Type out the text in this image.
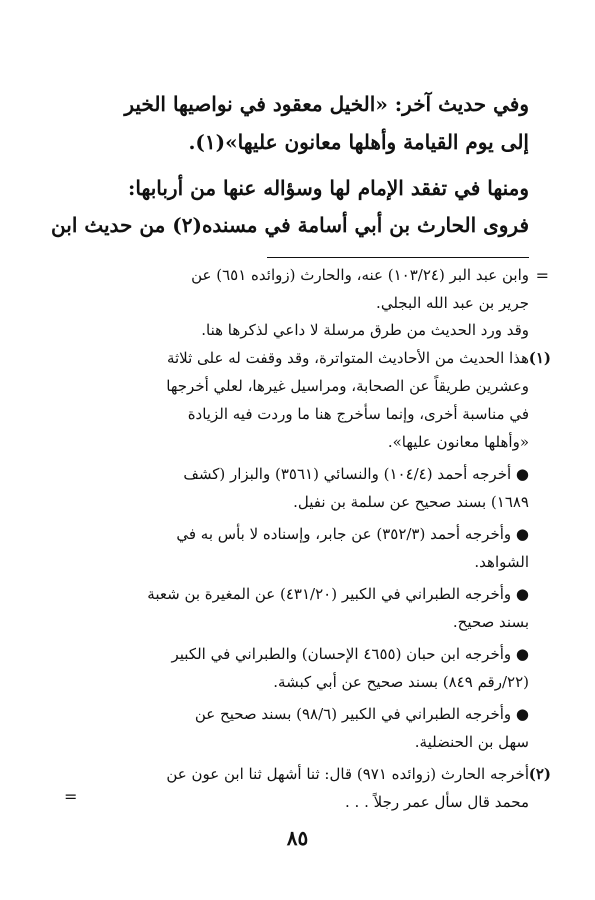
وفي حديث آخر: «الخيل معقود في نواصيها الخير
إلى يوم القيامة وأهلها معانون عليها»(١).
ومنها في تفقد الإمام لها وسؤاله عنها من أربابها:
فروى الحارث بن أبي أسامة في مسنده(٢) من حديث ابن
=
وابن عبد البر (١٠٣/٢٤) عنه، والحارث (زوائده ٦٥١) عن
جرير بن عبد الله البجلي.
وقد ورد الحديث من طرق مرسلة لا داعي لذكرها هنا.
(١)
هذا الحديث من الأحاديث المتواترة، وقد وقفت له على ثلاثة
وعشرين طريقاً عن الصحابة، ومراسيل غيرها، لعلي أخرجها
في مناسبة أخرى، وإنما سأخرج هنا ما وردت فيه الزيادة
«وأهلها معانون عليها».
● أخرجه أحمد (١٠٤/٤) والنسائي (٣٥٦١) والبزار (كشف
١٦٨٩) بسند صحيح عن سلمة بن نفيل.
● وأخرجه أحمد (٣٥٢/٣) عن جابر، وإسناده لا بأس به في
الشواهد.
● وأخرجه الطبراني في الكبير (٤٣١/٢٠) عن المغيرة بن شعبة
بسند صحيح.
● وأخرجه ابن حبان (٤٦٥٥ الإحسان) والطبراني في الكبير
(٢٢/رقم ٨٤٩) بسند صحيح عن أبي كبشة.
● وأخرجه الطبراني في الكبير (٩٨/٦) بسند صحيح عن
سهل بن الحنضلية.
(٢)
أخرجه الحارث (زوائده ٩٧١) قال: ثنا أشهل ثنا ابن عون عن
محمد قال سأل عمر رجلاً . . .
=
٨٥
